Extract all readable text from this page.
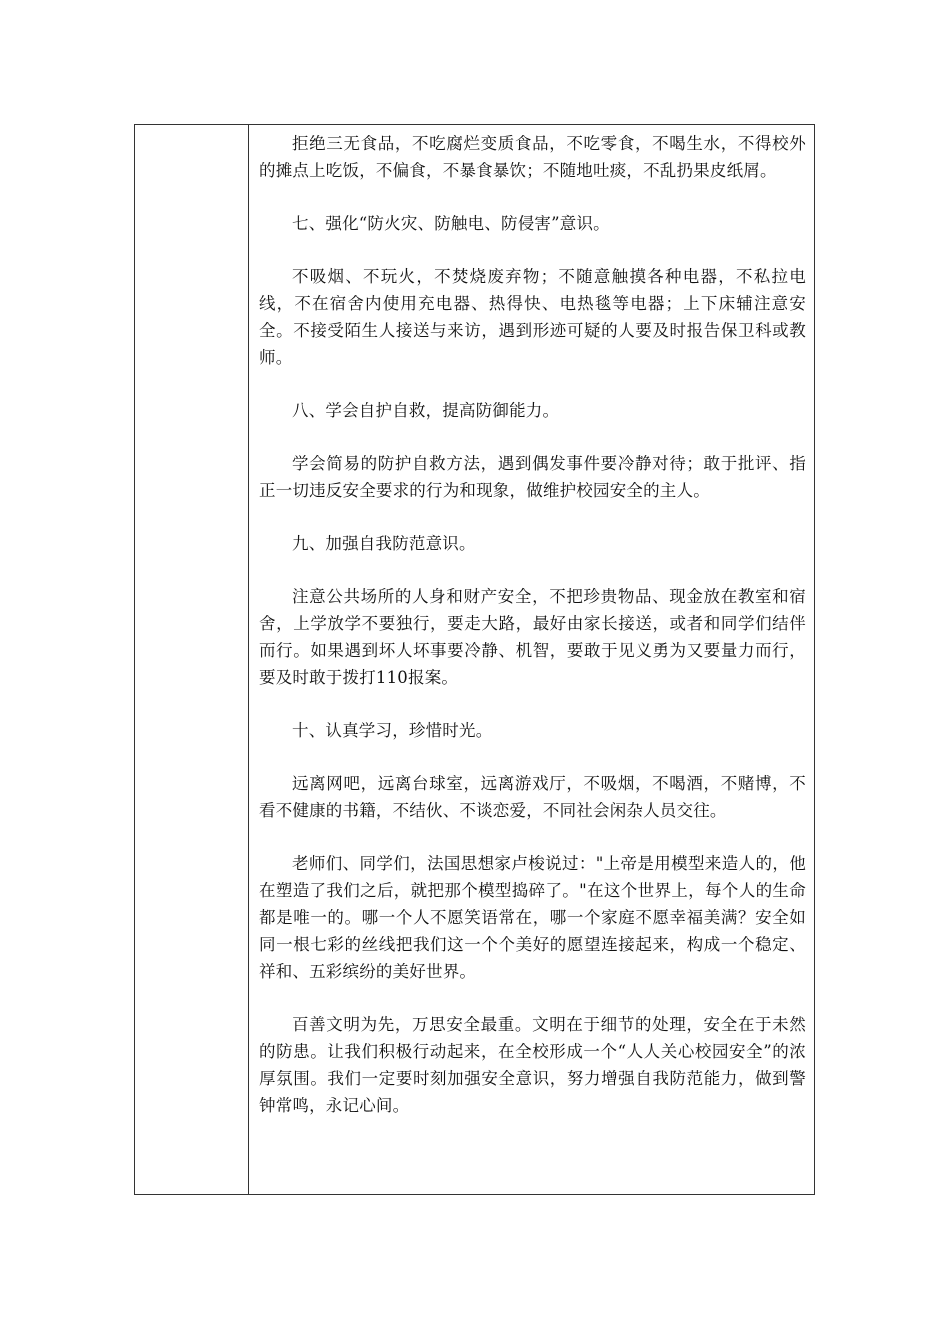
拒绝三无食品，不吃腐烂变质食品，不吃零食，不喝生水，不得校外的摊点上吃饭，不偏食，不暴食暴饮；不随地吐痰，不乱扔果皮纸屑。

七、强化“防火灾、防触电、防侵害”意识。

不吸烟、不玩火，不焚烧废弃物；不随意触摸各种电器，不私拉电线，不在宿舍内使用充电器、热得快、电热毯等电器；上下床辅注意安全。不接受陌生人接送与来访，遇到形迹可疑的人要及时报告保卫科或教师。

八、学会自护自救，提高防御能力。

学会简易的防护自救方法，遇到偶发事件要冷静对待；敢于批评、指正一切违反安全要求的行为和现象，做维护校园安全的主人。

九、加强自我防范意识。

注意公共场所的人身和财产安全，不把珍贵物品、现金放在教室和宿舍，上学放学不要独行，要走大路，最好由家长接送，或者和同学们结伴而行。如果遇到坏人坏事要冷静、机智，要敢于见义勇为又要量力而行，要及时敢于拨打110报案。

十、认真学习，珍惜时光。

远离网吧，远离台球室，远离游戏厅，不吸烟，不喝酒，不赌博，不看不健康的书籍，不结伙、不谈恋爱，不同社会闲杂人员交往。

老师们、同学们，法国思想家卢梭说过："上帝是用模型来造人的，他在塑造了我们之后，就把那个模型捣碎了。"在这个世界上，每个人的生命都是唯一的。哪一个人不愿笑语常在，哪一个家庭不愿幸福美满？安全如同一根七彩的丝线把我们这一个个美好的愿望连接起来，构成一个稳定、祥和、五彩缤纷的美好世界。

百善文明为先，万思安全最重。文明在于细节的处理，安全在于未然的防患。让我们积极行动起来，在全校形成一个“人人关心校园安全”的浓厚氛围。我们一定要时刻加强安全意识，努力增强自我防范能力，做到警钟常鸣，永记心间。
